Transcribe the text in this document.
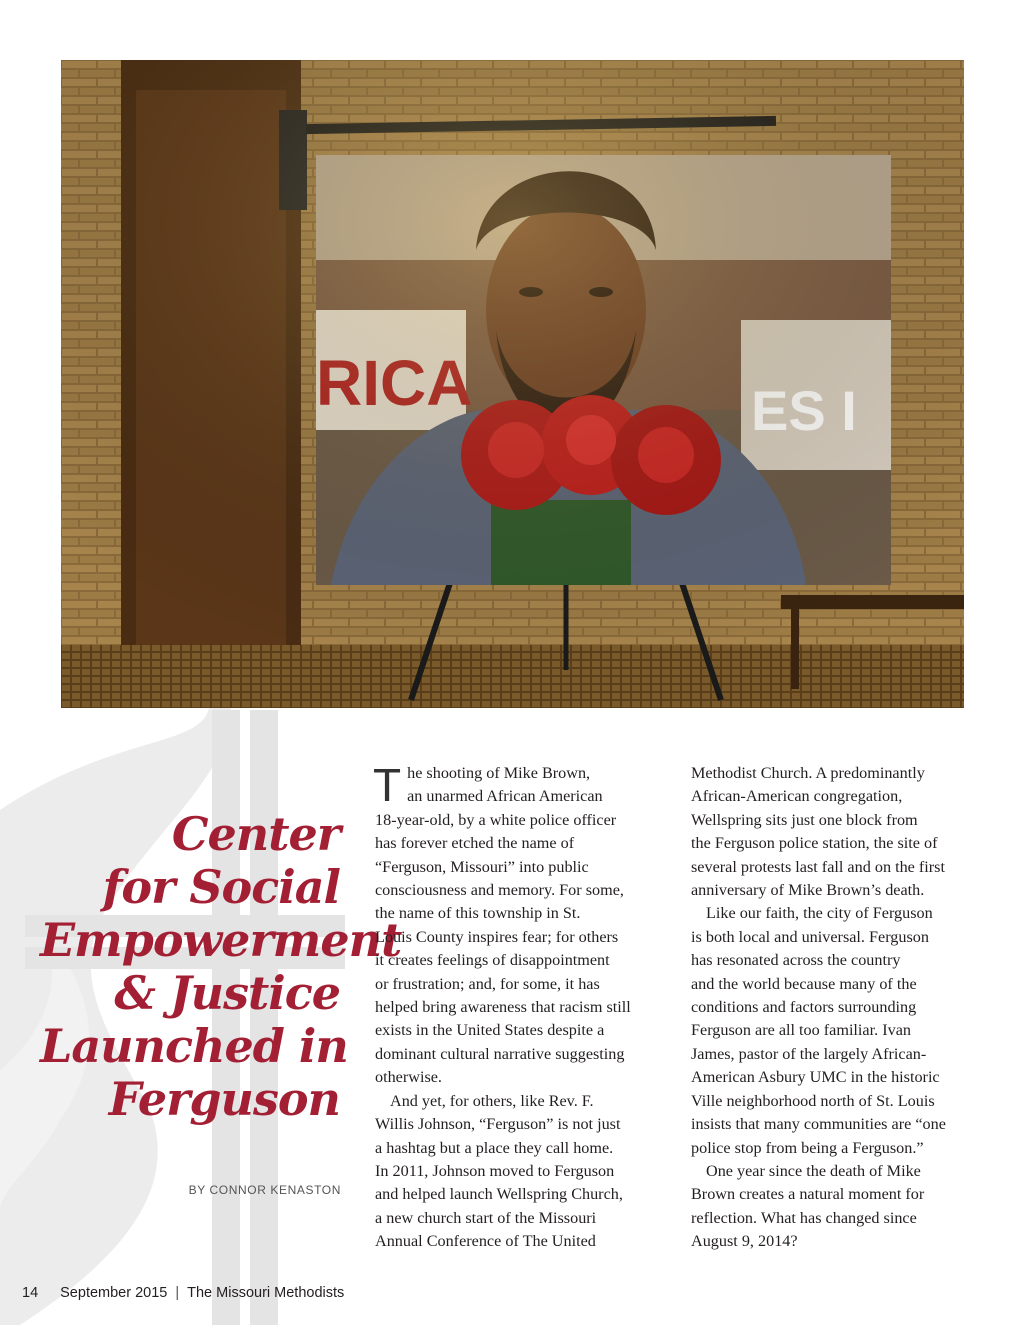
Center
for Social
Empowerment
& Justice
Launched in
Ferguson
BY CONNOR KENASTON

T he shooting of Mike Brown,
an unarmed African American
18-year-old, by a white police officer
has forever etched the name of
“Ferguson, Missouri” into public
consciousness and memory. For some,
the name of this township in St.
Louis County inspires fear; for others
it creates feelings of disappointment
or frustration; and, for some, it has
helped bring awareness that racism still
exists in the United States despite a
dominant cultural narrative suggesting
otherwise.

And yet, for others, like Rev. F.
Willis Johnson, “Ferguson” is not just
a hashtag but a place they call home.
In 2011, Johnson moved to Ferguson
and helped launch Wellspring Church,
a new church start of the Missouri
Annual Conference of The United

Methodist Church. A predominantly
African-American congregation,
Wellspring sits just one block from
the Ferguson police station, the site of
several protests last fall and on the first
anniversary of Mike Brown’s death.

Like our faith, the city of Ferguson
is both local and universal. Ferguson
has resonated across the country
and the world because many of the
conditions and factors surrounding
Ferguson are all too familiar. Ivan
James, pastor of the largely African-
American Asbury UMC in the historic
Ville neighborhood north of St. Louis
insists that many communities are “one
police stop from being a Ferguson.”

One year since the death of Mike
Brown creates a natural moment for
reflection. What has changed since
August 9, 2014?

14 September 2015 | The Missouri Methodists
